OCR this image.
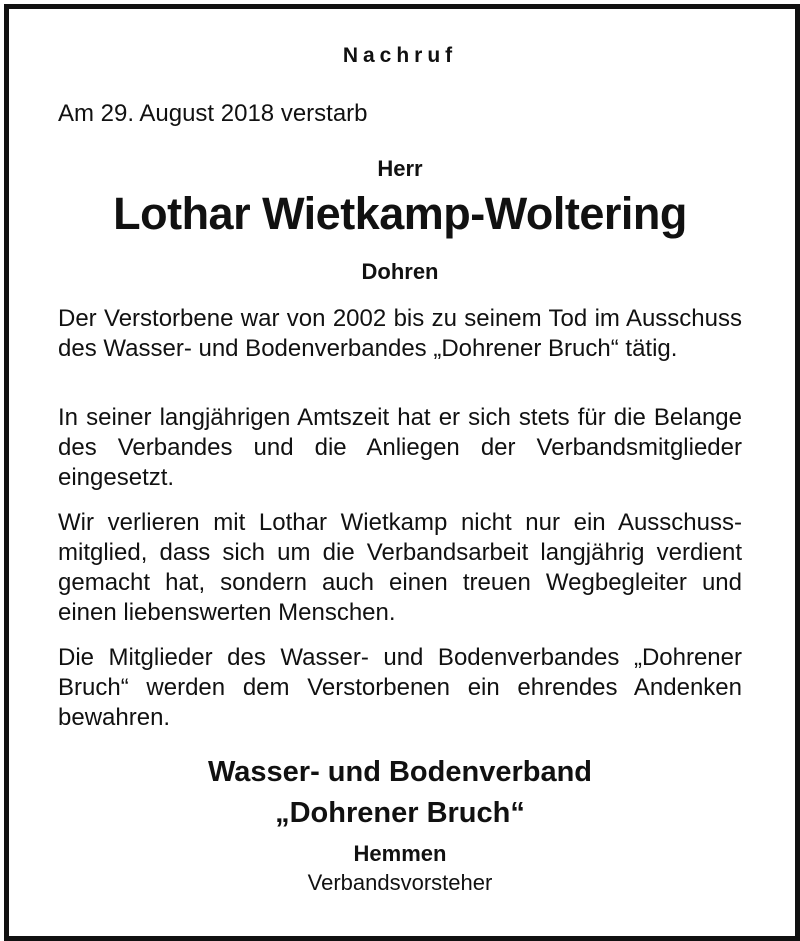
Nachruf
Am 29. August 2018 verstarb
Herr
Lothar Wietkamp-Woltering
Dohren
Der Verstorbene war von 2002 bis zu seinem Tod im Ausschuss des Wasser- und Bodenverbandes „Dohrener Bruch“ tätig.
In seiner langjährigen Amtszeit hat er sich stets für die Belange des Verbandes und die Anliegen der Verbandsmitglieder eingesetzt.
Wir verlieren mit Lothar Wietkamp nicht nur ein Ausschussmitglied, dass sich um die Verbandsarbeit langjährig verdient gemacht hat, sondern auch einen treuen Wegbegleiter und einen liebenswerten Menschen.
Die Mitglieder des Wasser- und Bodenverbandes „Dohrener Bruch“ werden dem Verstorbenen ein ehrendes Andenken bewahren.
Wasser- und Bodenverband
„Dohrener Bruch“
Hemmen
Verbandsvorsteher
